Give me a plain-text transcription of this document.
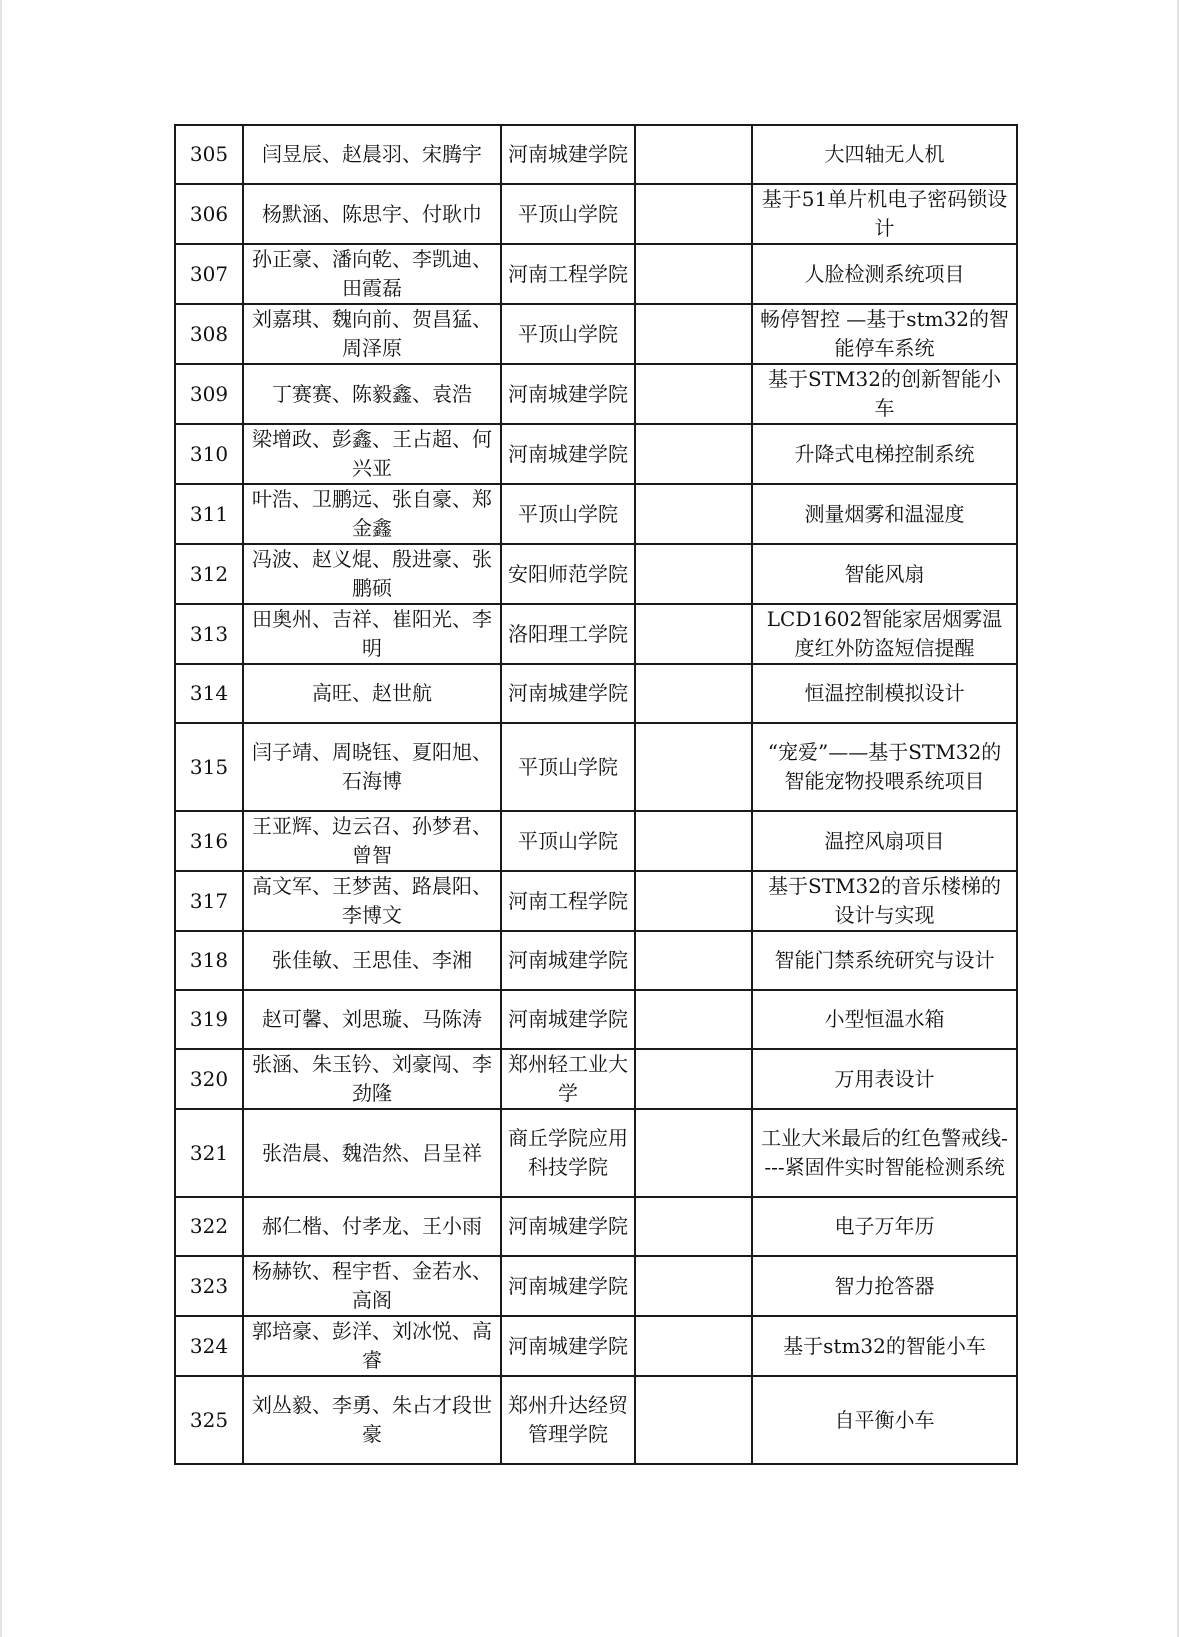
305	闫昱辰、赵晨羽、宋腾宇	河南城建学院		大四轴无人机
306	杨默涵、陈思宇、付耿巾	平顶山学院		基于51单片机电子密码锁设计
307	孙正豪、潘向乾、李凯迪、田霞磊	河南工程学院		人脸检测系统项目
308	刘嘉琪、魏向前、贺昌猛、周泽原	平顶山学院		畅停智控 —基于stm32的智能停车系统
309	丁赛赛、陈毅鑫、袁浩	河南城建学院		基于STM32的创新智能小车
310	梁增政、彭鑫、王占超、何兴亚	河南城建学院		升降式电梯控制系统
311	叶浩、卫鹏远、张自豪、郑金鑫	平顶山学院		测量烟雾和温湿度
312	冯波、赵义焜、殷进豪、张鹏硕	安阳师范学院		智能风扇
313	田奥州、吉祥、崔阳光、李明	洛阳理工学院		LCD1602智能家居烟雾温度红外防盗短信提醒
314	高旺、赵世航	河南城建学院		恒温控制模拟设计
315	闫子靖、周晓钰、夏阳旭、石海博	平顶山学院		“宠爱”——基于STM32的智能宠物投喂系统项目
316	王亚辉、边云召、孙梦君、曾智	平顶山学院		温控风扇项目
317	高文军、王梦茜、路晨阳、李博文	河南工程学院		基于STM32的音乐楼梯的设计与实现
318	张佳敏、王思佳、李湘	河南城建学院		智能门禁系统研究与设计
319	赵可馨、刘思璇、马陈涛	河南城建学院		小型恒温水箱
320	张涵、朱玉钤、刘豪闯、李劲隆	郑州轻工业大学		万用表设计
321	张浩晨、魏浩然、吕呈祥	商丘学院应用科技学院		工业大米最后的红色警戒线----紧固件实时智能检测系统
322	郝仁楷、付孝龙、王小雨	河南城建学院		电子万年历
323	杨赫钦、程宇哲、金若水、高阁	河南城建学院		智力抢答器
324	郭培豪、彭洋、刘冰悦、高睿	河南城建学院		基于stm32的智能小车
325	刘丛毅、李勇、朱占才段世豪	郑州升达经贸管理学院		自平衡小车
